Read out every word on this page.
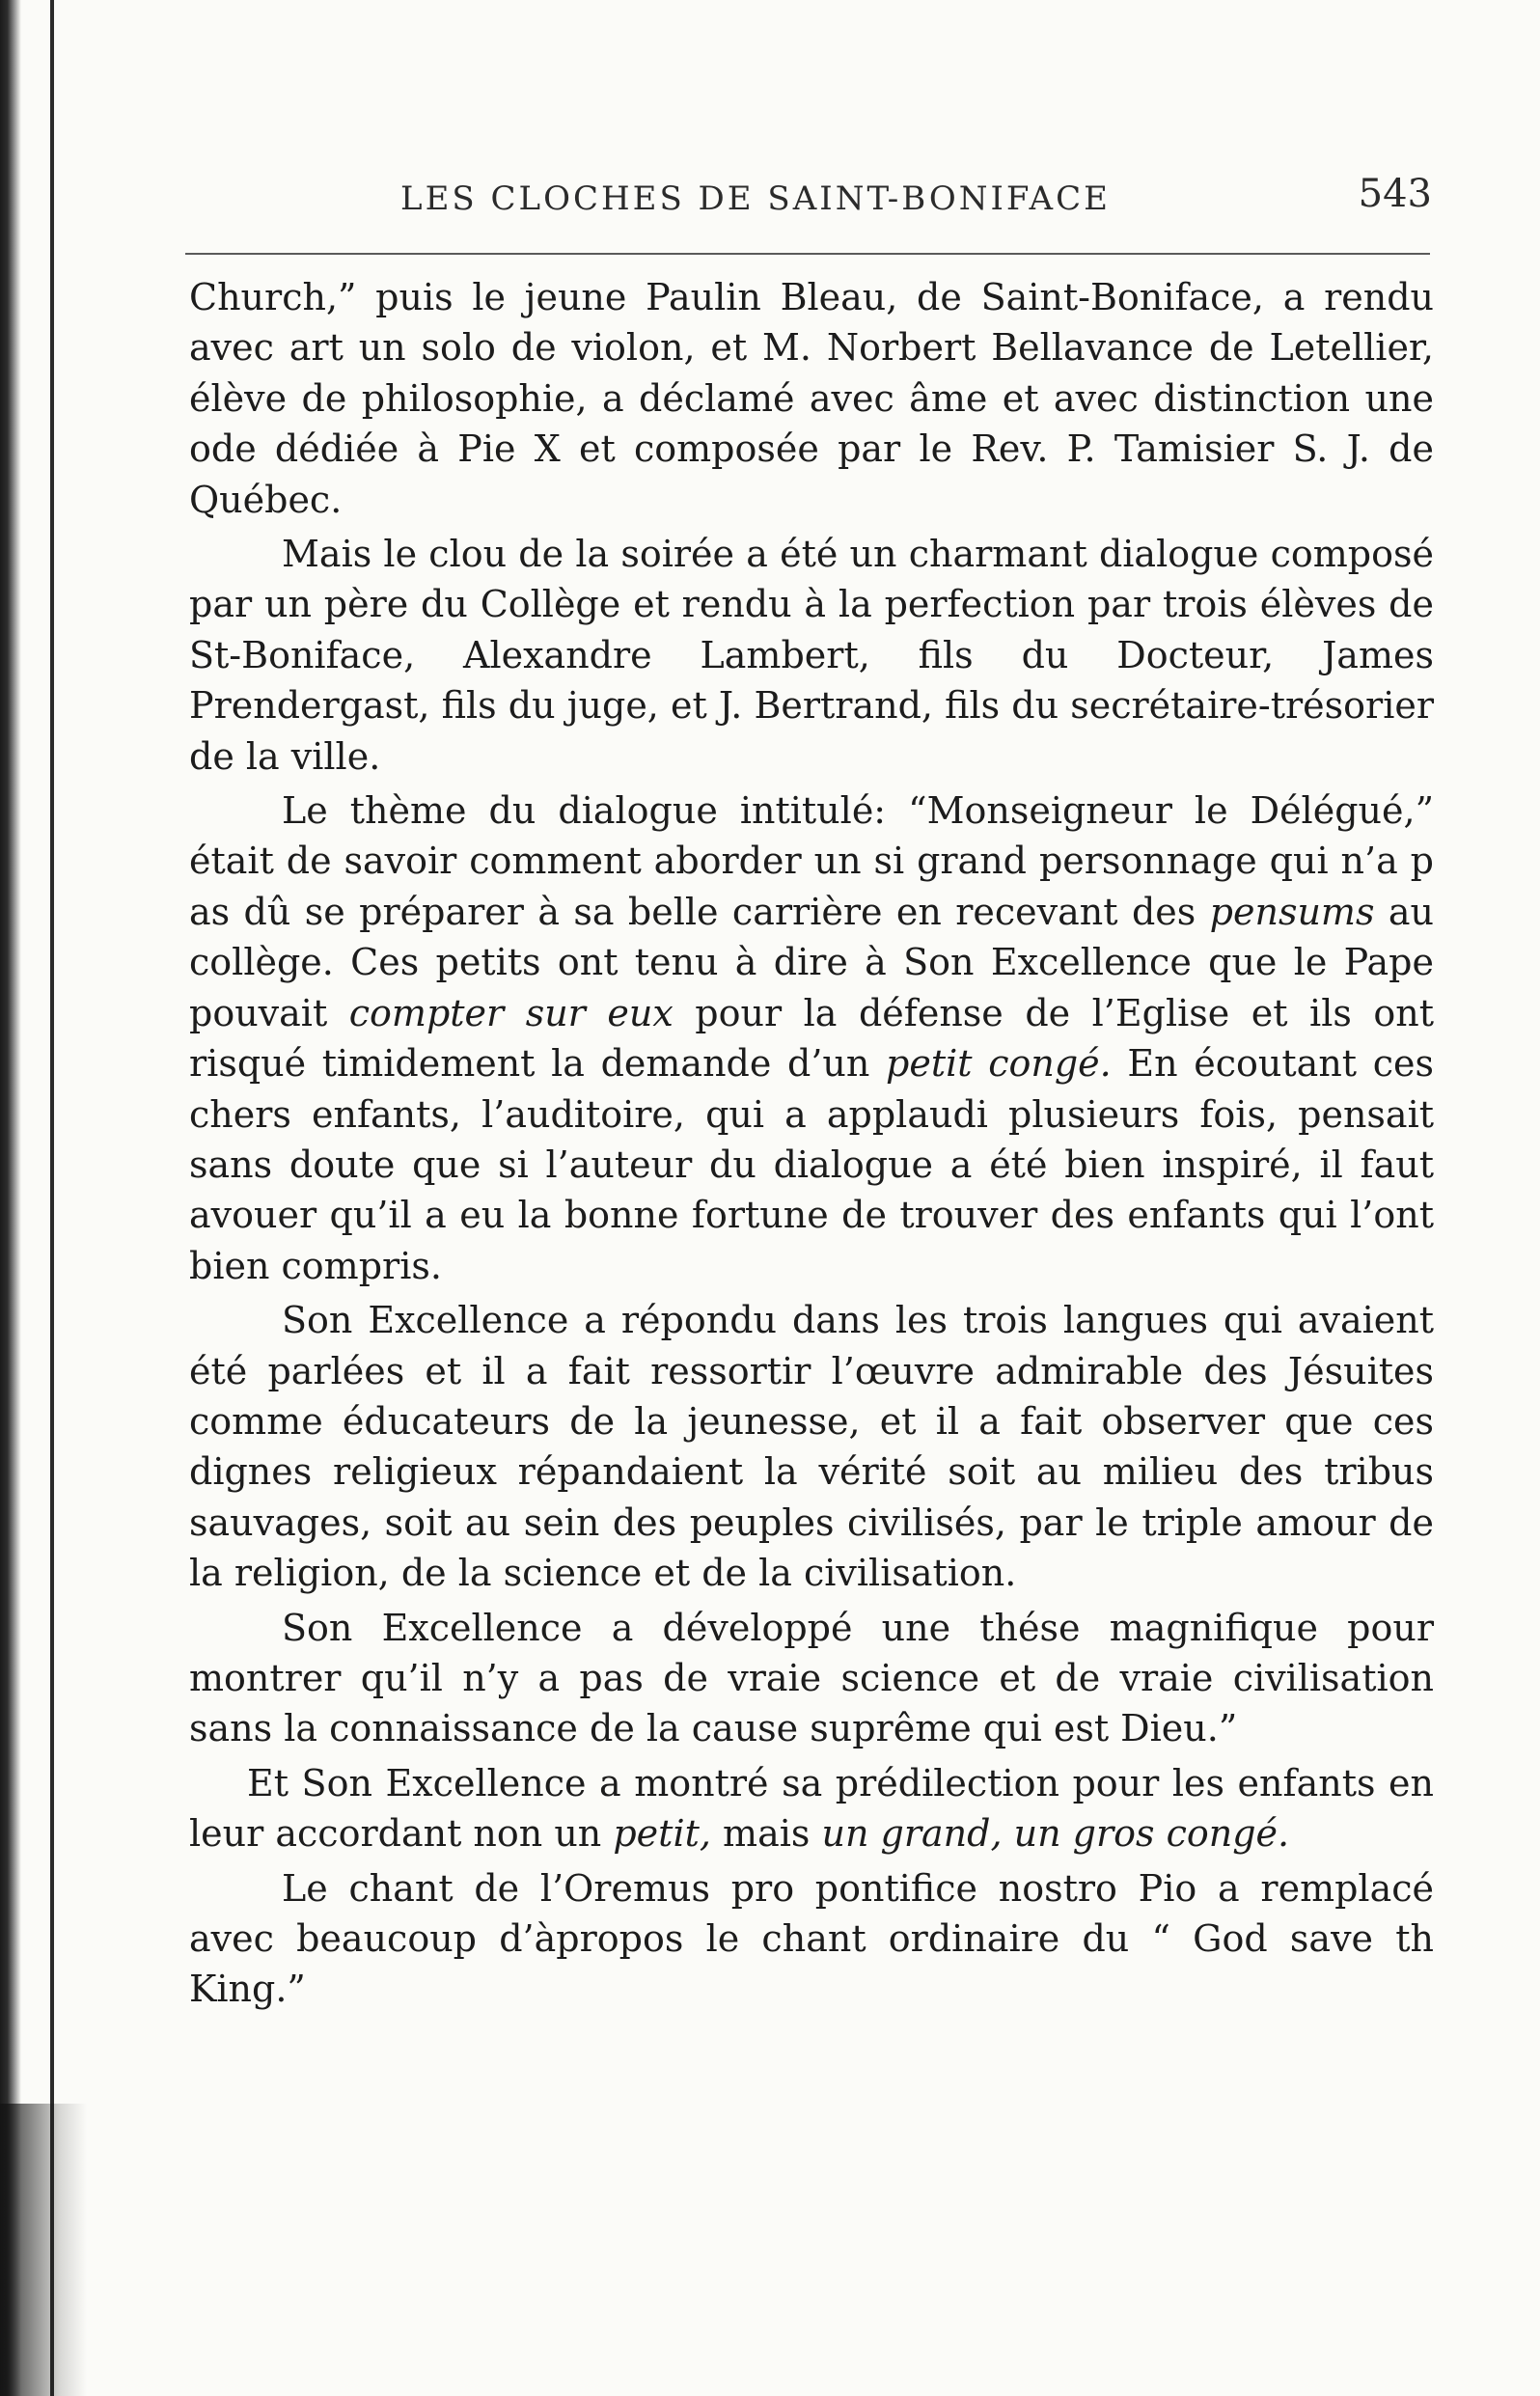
LES CLOCHES DE SAINT-BONIFACE	543

Church,” puis le jeune Paulin Bleau, de Saint-Boniface, a rendu avec art un solo de violon, et M. Norbert Bellavance de Letellier, élève de philosophie, a déclamé avec âme et avec distinction une ode dédiée à Pie X et composée par le Rev. P. Tamisier S. J. de Québec.

Mais le clou de la soirée a été un charmant dialogue composé par un père du Collège et rendu à la perfection par trois élèves de St-Boniface, Alexandre Lambert, fils du Docteur, James Prendergast, fils du juge, et J. Bertrand, fils du secrétaire-trésorier de la ville.

Le thème du dialogue intitulé: “Monseigneur le Délégué,” était de savoir comment aborder un si grand personnage qui n’a p as dû se préparer à sa belle carrière en recevant des pensums au collège. Ces petits ont tenu à dire à Son Excellence que le Pape pouvait compter sur eux pour la défense de l’Eglise et ils ont risqué timidement la demande d’un petit congé. En écoutant ces chers enfants, l’auditoire, qui a applaudi plusieurs fois, pensait sans doute que si l’auteur du dialogue a été bien inspiré, il faut avouer qu’il a eu la bonne fortune de trouver des enfants qui l’ont bien compris.

Son Excellence a répondu dans les trois langues qui avaient été parlées et il a fait ressortir l’œuvre admirable des Jésuites comme éducateurs de la jeunesse, et il a fait observer que ces dignes religieux répandaient la vérité soit au milieu des tribus sauvages, soit au sein des peuples civilisés, par le triple amour de la religion, de la science et de la civilisation.

Son Excellence a développé une thése magnifique pour montrer qu’il n’y a pas de vraie science et de vraie civilisation sans la connaissance de la cause suprême qui est Dieu.”

Et Son Excellence a montré sa prédilection pour les enfants en leur accordant non un petit, mais un grand, un gros congé.

Le chant de l’Oremus pro pontifice nostro Pio a remplacé avec beaucoup d’àpropos le chant ordinaire du “ God save th King.”
